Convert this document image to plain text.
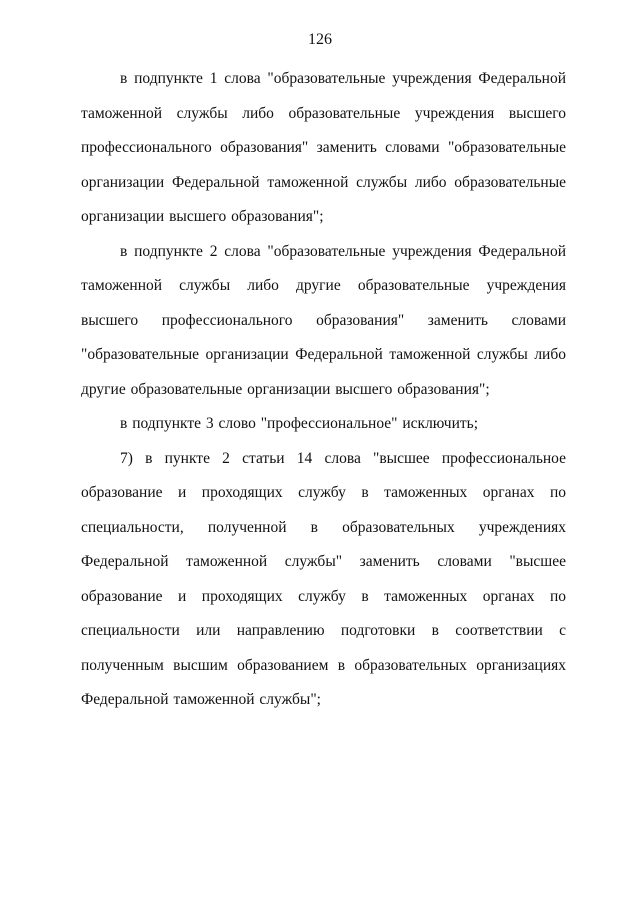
126

в подпункте 1 слова "образовательные учреждения Федеральной таможенной службы либо образовательные учреждения высшего профессионального образования" заменить словами "образовательные организации Федеральной таможенной службы либо образовательные организации высшего образования";

в подпункте 2 слова "образовательные учреждения Федеральной таможенной службы либо другие образовательные учреждения высшего профессионального образования" заменить словами "образовательные организации Федеральной таможенной службы либо другие образовательные организации высшего образования";

в подпункте 3 слово "профессиональное" исключить;

7) в пункте 2 статьи 14 слова "высшее профессиональное образование и проходящих службу в таможенных органах по специальности, полученной в образовательных учреждениях Федеральной таможенной службы" заменить словами "высшее образование и проходящих службу в таможенных органах по специальности или направлению подготовки в соответствии с полученным высшим образованием в образовательных организациях Федеральной таможенной службы";
